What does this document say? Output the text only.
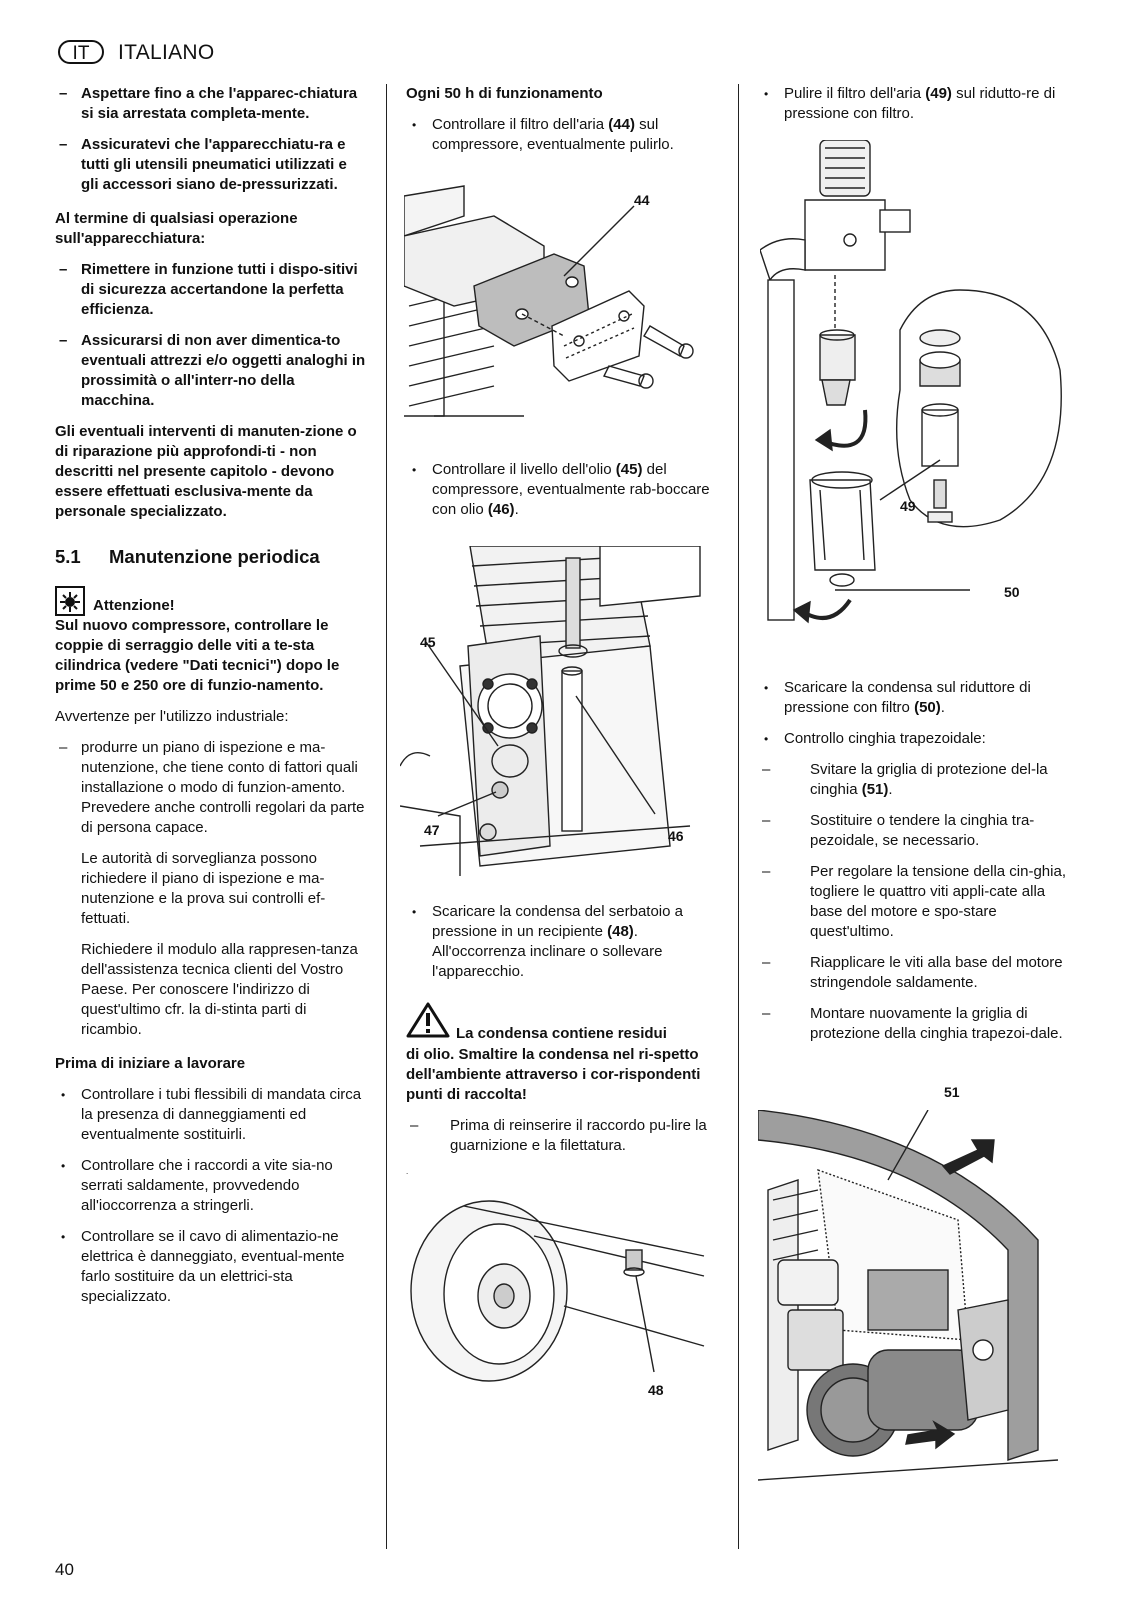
IT	ITALIANO

– Aspettare fino a che l'apparec-chiatura si sia arrestata completa-mente.

– Assicuratevi che l'apparecchiatu-ra e tutti gli utensili pneumatici utilizzati e gli accessori siano de-pressurizzati.

Al termine di qualsiasi operazione sull'apparecchiatura:

– Rimettere in funzione tutti i dispo-sitivi di sicurezza accertandone la perfetta efficienza.

– Assicurarsi di non aver dimentica-to eventuali attrezzi e/o oggetti analoghi in prossimità o all'interr-no della macchina.

Gli eventuali interventi di manuten-zione o di riparazione più approfondi-ti - non descritti nel presente capitolo - devono essere effettuati esclusiva-mente da personale specializzato.

5.1 Manutenzione periodica
Attenzione!

Sul nuovo compressore, controllare le coppie di serraggio delle viti a te-sta cilindrica (vedere "Dati tecnici") dopo le prime 50 e 250 ore di funzio-namento.

Avvertenze per l'utilizzo industriale:

– produrre un piano di ispezione e ma-nutenzione, che tiene conto di fattori quali installazione o modo di funzion-amento. Prevedere anche controlli regolari da parte di persona capace.

Le autorità di sorveglianza possono richiedere il piano di ispezione e ma-nutenzione e la prova sui controlli ef-fettuati.

Richiedere il modulo alla rappresen-tanza dell'assistenza tecnica clienti del Vostro Paese. Per conoscere l'indirizzo di quest'ultimo cfr. la di-stinta parti di ricambio.

Prima di iniziare a lavorare

• Controllare i tubi flessibili di mandata circa la presenza di danneggiamenti ed eventualmente sostituirli.

• Controllare che i raccordi a vite sia-no serrati saldamente, provvedendo all'ioccorrenza a stringerli.

• Controllare se il cavo di alimentazio-ne elettrica è danneggiato, eventual-mente farlo sostituire da un elettrici-sta specializzato.

Ogni 50 h di funzionamento

• Controllare il filtro dell'aria (44) sul compressore, eventualmente pulirlo.

44

• Controllare il livello dell'olio (45) del compressore, eventualmente rab-boccare con olio (46).

45
47	46

• Scaricare la condensa del serbatoio a pressione in un recipiente (48). All'occorrenza inclinare o sollevare l'apparecchio.

La condensa contiene residui

di olio. Smaltire la condensa nel ri-spetto dell'ambiente attraverso i cor-rispondenti punti di raccolta!

– Prima di reinserire il raccordo pu-lire la guarnizione e la filettatura.

.

48

• Pulire il filtro dell'aria (49) sul riduttо-re di pressione con filtro.

49
50

• Scaricare la condensa sul riduttore di pressione con filtro (50).

• Controllo cinghia trapezoidale:

– Svitare la griglia di protezione del-la cinghia (51).

– Sostituire o tendere la cinghia tra-pezoidale, se necessario.

– Per regolare la tensione della cin-ghia, togliere le quattro viti appli-cate alla base del motore e spo-stare quest'ultimo.

– Riapplicare le viti alla base del motore stringendole saldamente.

– Montare nuovamente la griglia di protezione della cinghia trapezoi-dale.

51
40
